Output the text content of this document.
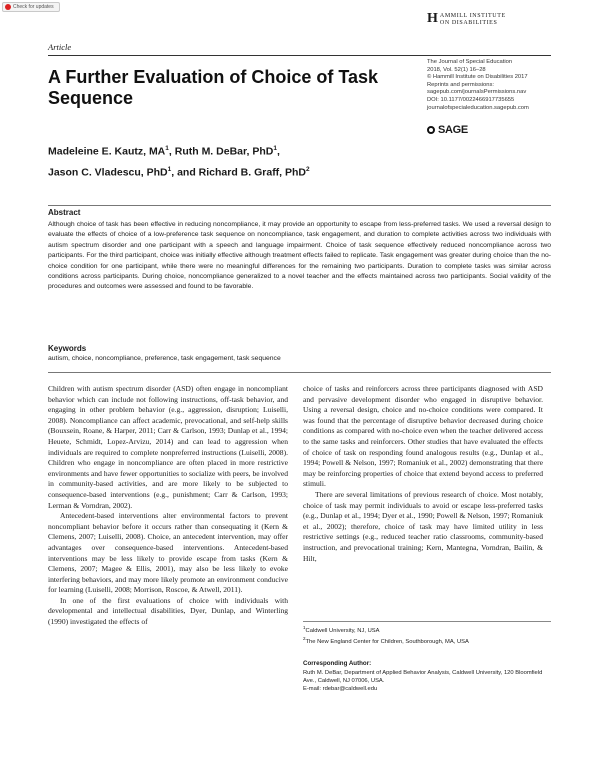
Check for updates
H AMMILL INSTITUTE
ON DISABILITIES
Article
A Further Evaluation of Choice of Task Sequence
The Journal of Special Education
2018, Vol. 52(1) 16–28
© Hammill Institute on Disabilities 2017
Reprints and permissions:
sagepub.com/journalsPermissions.nav
DOI: 10.1177/0022466917735655
journalofspecialeducation.sagepub.com
SAGE
Madeleine E. Kautz, $MA^1$, Ruth M. DeBar, PhD$^1$,
Jason C. Vladescu, PhD$^1$, and Richard B. Graff, PhD$^2$
Abstract
Although choice of task has been effective in reducing noncompliance, it may provide an opportunity to escape from less-preferred tasks. We used a reversal design to evaluate the effects of choice of a low-preference task sequence on noncompliance, task engagement, and duration to complete activities across two individuals with autism spectrum disorder and one participant with a speech and language impairment. Choice of task sequence effectively reduced noncompliance across two participants. For the third participant, choice was initially effective although treatment effects failed to replicate. Task engagement was greater during choice than the no-choice condition for one participant, while there were no meaningful differences for the remaining two participants. Duration to complete tasks was similar across conditions across participants. During choice, noncompliance generalized to a novel teacher and the effects maintained across two participants. Social validity of the procedures and outcomes were assessed and found to be favorable.
Keywords
autism, choice, noncompliance, preference, task engagement, task sequence

Children with autism spectrum disorder (ASD) often engage in noncompliant behavior which can include not following instructions, off-task behavior, and engaging in other problem behavior (e.g., aggression, disruption; Luiselli, 2008). Noncompliance can affect academic, prevocational, and self-help skills (Bouxsein, Roane, & Harper, 2011; Carr & Carlson, 1993; Dunlap et al., 1994; Heuete, Schmidt, Lopez-Arvizu, 2014) and can lead to aggression when individuals are required to complete nonpreferred instructions (Luiselli, 2008). Children who engage in noncompliance are often placed in more restrictive environments and have fewer opportunities to socialize with peers, be involved in community-based activities, and are more likely to be subjected to consequence-based interventions (e.g., punishment; Carr & Carlson, 1993; Lerman & Vorndran, 2002).

Antecedent-based interventions alter environmental factors to prevent noncompliant behavior before it occurs rather than consequating it (Kern & Clemens, 2007; Luiselli, 2008). Choice, an antecedent intervention, may offer advantages over consequence-based interventions. Antecedent-based interventions may be less likely to provide escape from tasks (Kern & Clemens, 2007; Magee & Ellis, 2001), may also be less likely to evoke interfering behaviors, and may more likely promote an environment conducive for learning (Luiselli, 2008; Morrison, Roscoe, & Atwell, 2011).

In one of the first evaluations of choice with individuals with developmental and intellectual disabilities, Dyer, Dunlap, and Winterling (1990) investigated the effects of

choice of tasks and reinforcers across three participants diagnosed with ASD and pervasive development disorder who engaged in disruptive behavior. Using a reversal design, choice and no-choice conditions were compared. It was found that the percentage of disruptive behavior decreased during choice conditions as compared with no-choice even when the teacher delivered access to the same tasks and reinforcers. Other studies that have evaluated the effects of choice of task on responding found analogous results (e.g., Dunlap et al., 1994; Powell & Nelson, 1997; Romaniuk et al., 2002) demonstrating that there may be reinforcing properties of choice that extend beyond access to preferred stimuli.

There are several limitations of previous research of choice. Most notably, choice of task may permit individuals to avoid or escape less-preferred tasks (e.g., Dunlap et al., 1994; Dyer et al., 1990; Powell & Nelson, 1997; Romaniuk et al., 2002); therefore, choice of task may have limited utility in less restrictive settings (e.g., reduced teacher ratio classrooms, community-based instruction, and prevocational training; Kern, Mantegna, Vorndran, Bailin, & Hilt,

$^1$Caldwell University, NJ, USA
$^2$The New England Center for Children, Southborough, MA, USA
Corresponding Author:
Ruth M. DeBar, Department of Applied Behavior Analysis, Caldwell University, 120 Bloomfield Ave., Caldwell, NJ 07006, USA.
E-mail: rdebar@caldwell.edu
